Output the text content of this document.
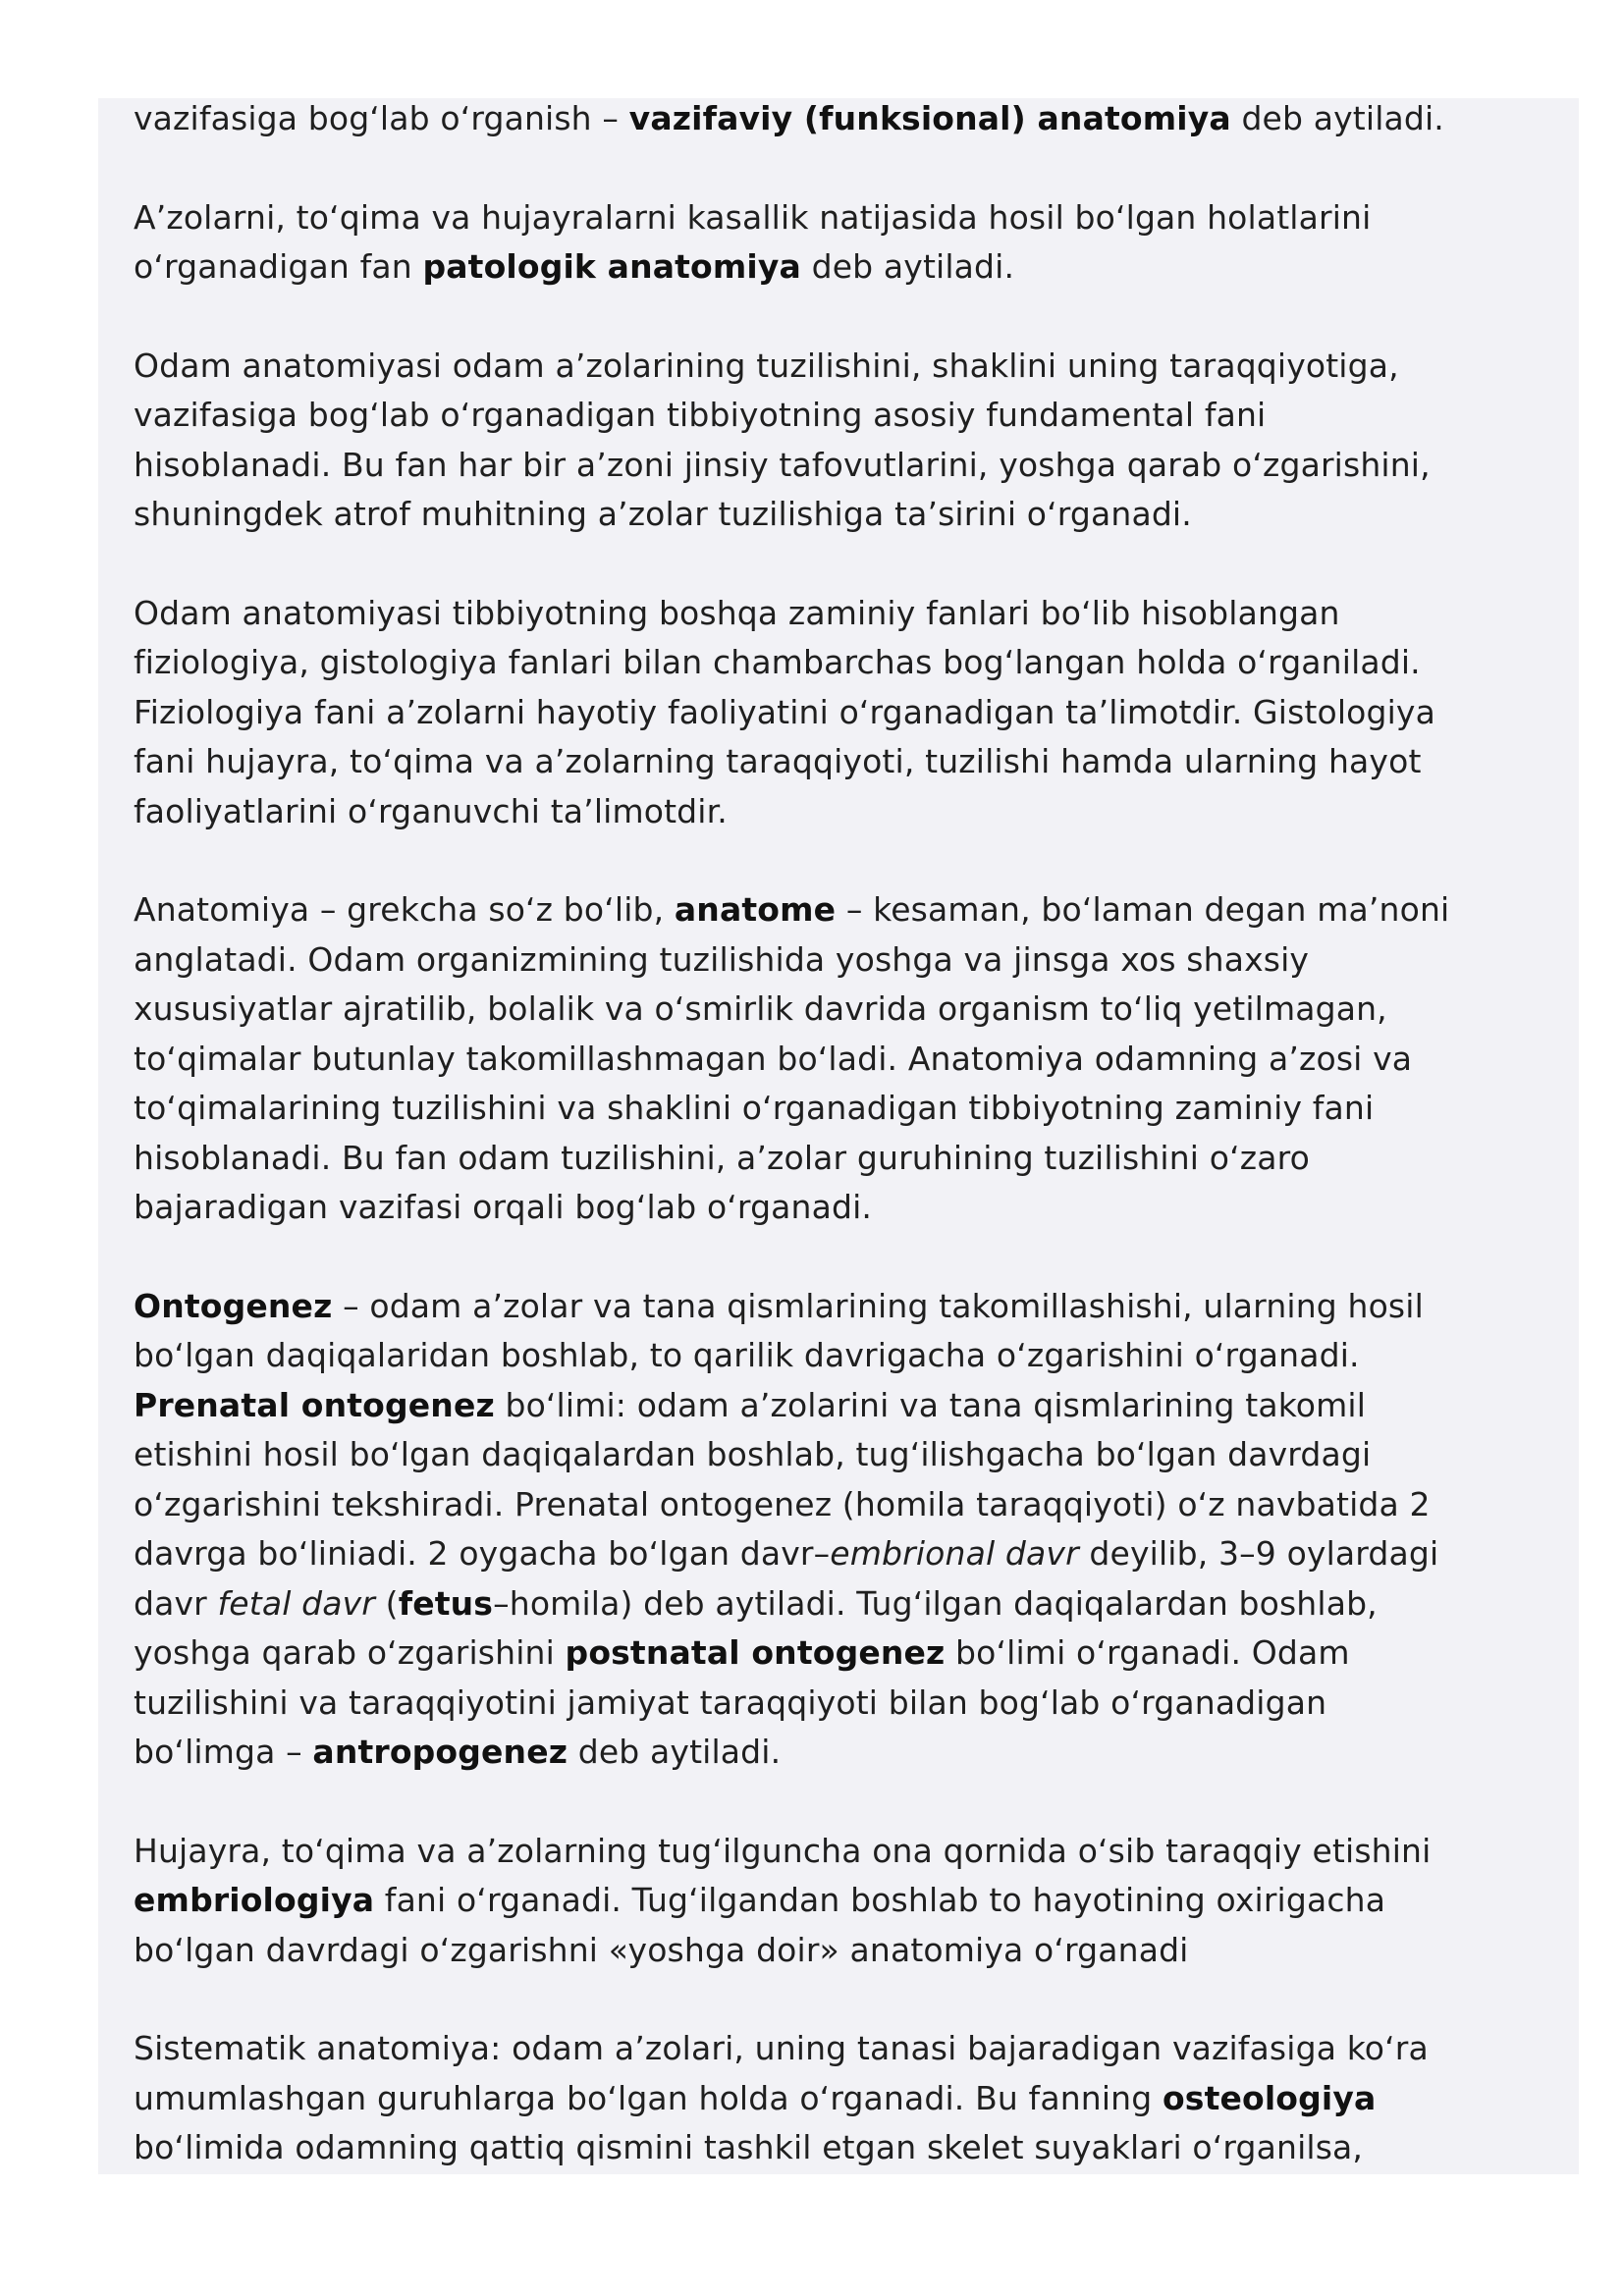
vazifasiga bog‘lab o‘rganish – vazifaviy (funksional) anatomiya deb aytiladi.
A’zolarni, to‘qima va hujayralarni kasallik natijasida hosil bo‘lgan holatlarini
o‘rganadigan fan patologik anatomiya deb aytiladi.
Odam anatomiyasi odam a’zolarining tuzilishini, shaklini uning taraqqiyotiga,
vazifasiga bog‘lab o‘rganadigan tibbiyotning asosiy fundamental fani
hisoblanadi. Bu fan har bir a’zoni jinsiy tafovutlarini, yoshga qarab o‘zgarishini,
shuningdek atrof muhitning a’zolar tuzilishiga ta’sirini o‘rganadi.
Odam anatomiyasi tibbiyotning boshqa zaminiy fanlari bo‘lib hisoblangan
fiziologiya, gistologiya fanlari bilan chambarchas bog‘langan holda o‘rganiladi.
Fiziologiya fani a’zolarni hayotiy faoliyatini o‘rganadigan ta’limotdir. Gistologiya
fani hujayra, to‘qima va a’zolarning taraqqiyoti, tuzilishi hamda ularning hayot
faoliyatlarini o‘rganuvchi ta’limotdir.
Anatomiya – grekcha so‘z bo‘lib, anatome – kesaman, bo‘laman degan ma’noni
anglatadi. Odam organizmining tuzilishida yoshga va jinsga xos shaxsiy
xususiyatlar ajratilib, bolalik va o‘smirlik davrida organism to‘liq yetilmagan,
to‘qimalar butunlay takomillashmagan bo‘ladi. Anatomiya odamning a’zosi va
to‘qimalarining tuzilishini va shaklini o‘rganadigan tibbiyotning zaminiy fani
hisoblanadi. Bu fan odam tuzilishini, a’zolar guruhining tuzilishini o‘zaro
bajaradigan vazifasi orqali bog‘lab o‘rganadi.
Ontogenez – odam a’zolar va tana qismlarining takomillashishi, ularning hosil
bo‘lgan daqiqalaridan boshlab, to qarilik davrigacha o‘zgarishini o‘rganadi.
Prenatal ontogenez bo‘limi: odam a’zolarini va tana qismlarining takomil
etishini hosil bo‘lgan daqiqalardan boshlab, tug‘ilishgacha bo‘lgan davrdagi
o‘zgarishini tekshiradi. Prenatal ontogenez (homila taraqqiyoti) o‘z navbatida 2
davrga bo‘liniadi. 2 oygacha bo‘lgan davr–embrional davr deyilib, 3–9 oylardagi
davr fetal davr (fetus–homila) deb aytiladi. Tug‘ilgan daqiqalardan boshlab,
yoshga qarab o‘zgarishini postnatal ontogenez bo‘limi o‘rganadi. Odam
tuzilishini va taraqqiyotini jamiyat taraqqiyoti bilan bog‘lab o‘rganadigan
bo‘limga – antropogenez deb aytiladi.
Hujayra, to‘qima va a’zolarning tug‘ilguncha ona qornida o‘sib taraqqiy etishini
embriologiya fani o‘rganadi. Tug‘ilgandan boshlab to hayotining oxirigacha
bo‘lgan davrdagi o‘zgarishni «yoshga doir» anatomiya o‘rganadi
Sistematik anatomiya: odam a’zolari, uning tanasi bajaradigan vazifasiga ko‘ra
umumlashgan guruhlarga bo‘lgan holda o‘rganadi. Bu fanning osteologiya
bo‘limida odamning qattiq qismini tashkil etgan skelet suyaklari o‘rganilsa,
